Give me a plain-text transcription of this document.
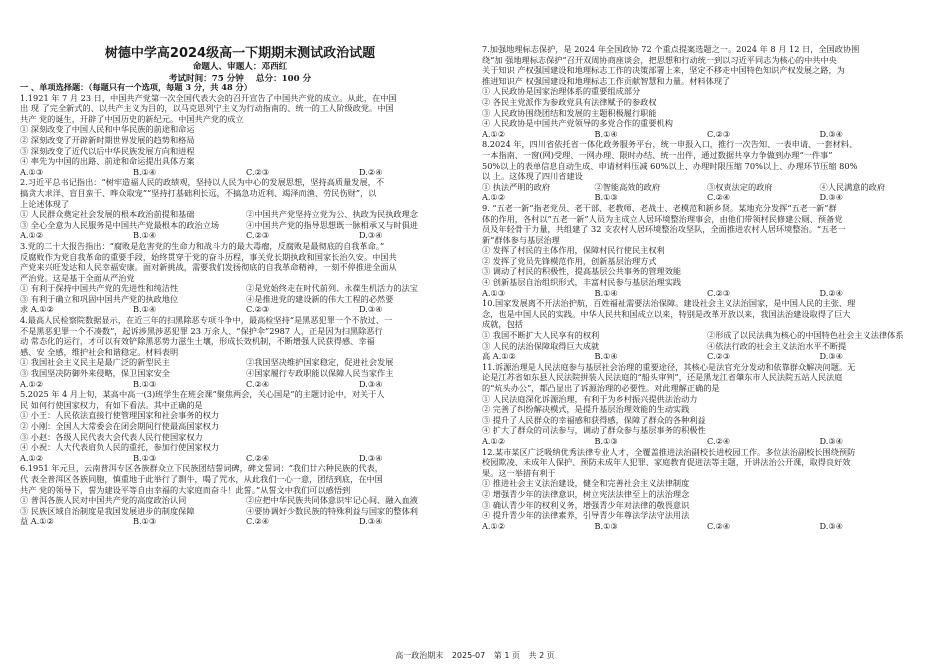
树德中学高2024级高一下期期末测试政治试题
命题人、审题人：邓西红
考试时间：75 分钟 总分：100 分

一 、单项选择题：（每题只有一个选项，每题 3 分，共 48 分）

1.1921 年 7 月 23 日，中国共产党第一次全国代表大会的召开宣告了中国共产党的成立。从此，在中国
出 现 了完全新式的、以共产主义为目的，以马克思列宁主义为行动指南的、统一的工人阶级政党。中国
共产 党的诞生，开辟了中国历史的新纪元。中国共产党的成立
① 深刻改变了中国人民和中华民族的前途和命运
② 深刻改变了开辟新时期世界发展的趋势和格局
③ 深刻改变了近代以后中华民族发展方向和进程
④ 率先为中国的出路、前途和命运提出具体方案
A.①③	B.①④	C.②③	D.②④
2.习近平总书记指出：“树牢造福人民的政绩观，坚持以人民为中心的发展思想，坚持高质量发展，不
搞贪大求洋、盲目蛮干、哗众取宠”“坚持打基础利长远，不搞急功近利、竭泽而渔、劳民伤财”，以
上论述体现了
① 人民群众奠定社会发展的根本政治前提和基础	②中国共产党坚持立党为公、执政为民执政理念
③ 全心全意为人民服务是中国共产党最根本的政治立场	④中国共产党的指导思想既一脉相承又与时俱进
A.①②	B.①④	C.②③	D.③④
3.党的二十大报告指出：“腐败是危害党的生命力和战斗力的最大毒瘤，反腐败是最彻底的自我革命。”
反腐败作为党自我革命的重要手段，始终贯穿于党的奋斗历程，事关党长期执政和国家长治久安。中国共
产党来兴旺发达和人民幸福安康。面对新挑战，需要我们发扬彻底的自我革命精神，一刻不停推进全面从
严治党。这是基于全面从严治党
① 有利于保持中国共产党的先进性和纯洁性	②是党始终走在时代前列、永葆生机活力的法宝
③ 有利于确立和巩固中国共产党的执政地位	④是推进党的建设新的伟大工程的必然要
求 A.①②	B.①④	C.②③	D.③④
4.最高人民检察院数据显示，在近三年的扫黑除恶专项斗争中，最高检坚持“是黑恶犯罪一个不放过、一
不是黑恶犯罪一个不凑数”，起诉涉黑涉恶犯罪 23 万余人、“保护伞”2987 人，正是因为扫黑除恶行
动 常态化的运行，才可以有效铲除黑恶势力滋生土壤，形成长效机制，不断增强人民获得感、幸福
感、安 全感，维护社会和谐稳定。材料表明
① 我国社会主义民主是最广泛的新型民主	②我国坚决维护国家稳定，促进社会发展
③ 我国坚决防御外来侵略，保卫国家安全	④国家履行专政职能以保障人民当家作主
A.①②	B.①③	C.②④	D.③④
5.2025 年 4 月上旬，某高中高一(3)班学生在班会课“聚焦两会，关心国是”的主题讨论中，对关于人
民 如何行使国家权力，有如下看法。其中正确的是
① 小王：人民依法直接行使管理国家和社会事务的权力
② 小刚：全国人大常委会在闭会期间行使最高国家权力
③ 小赵：各级人民代表大会代表人民行使国家权力
④ 小祝：人大代表肩负人民的重托，参加行使国家权力
A.①②	B.①③	C.②④	D.③④
6.1951 年元旦，云南普洱专区各族群众立下民族团结誓词碑，碑文誓词：“我们廿六种民族的代表，
代 表全普洱区各族同胞，慎重地于此举行了剽牛，喝了咒水，从此我们一心一意，团结到底，在中国
共产 党的领导下，誓为建设平等自由幸福的大家庭而奋斗！此誓。”从誓文中我们可以感悟到
① 普洱各族人民对中国共产党的高度政治认同	②应把中华民族共同体意识牢记心间、融入血液
③ 民族区域自治制度是我国发展进步的制度保障	④要协调好少数民族的特殊利益与国家的整体利
益 A.①②	B.①③	C.②④	D.③④
7.加强地理标志保护，是 2024 年全国政协 72 个重点提案选题之一。2024 年 8 月 12 日，全国政协围
绕“加 强地理标志保护”召开双周协商座谈会，把思想和行动统一到以习近平同志为核心的中共中央
关于知识 产权强国建设和地理标志工作的决策部署上来，坚定不移走中国特色知识产权发展之路，为
推进知识产 权强国建设和地理标志工作贡献智慧和力量。材料体现了
① 人民政协是国家治理体系的重要组成部分
② 各民主党派作为参政党具有法律赋予的参政权
③ 人民政协围绕团结和发展的主题积极履行职能
④ 人民政协是中国共产党领导的多党合作的重要机构
A.①②	B.①④	C.②③	D.③④
8.2024 年，四川省依托省一体化政务服务平台，统一申报入口，推行一次告知、一表申请、一套材料、
一本指南、一窗(网)受理、一网办理、限时办结、统一出件，通过数据共享力争做到办理“一件事”
50%以上的表单信息自动生成、申请材料压减 60%以上、办理时限压缩 70%以上、办理环节压缩 80%
以 上。这体现了四川省建设
① 执法严明的政府	②智能高效的政府	③权责法定的政府	④人民满意的政府
A.①②	B.①③	C.②④	D.③④
9. “五老一新”指老党员、老干部、老教师、老战士、老模范和新乡贤。某地充分发挥“五老一新”群
体的作用，各村以“五老一新”人员为主成立人居环境整治理事会，由他们带领村民修建公厕、预备党
员及年轻骨干力量，共组建了 32 支农村人居环境整治攻坚队，全面推进农村人居环境整治。“五老一
新”群体参与基层治理
① 发挥了村民的主体作用，保障村民行使民主权利
② 发挥了党员先锋模范作用，创新基层治理方式
③ 调动了村民的积极性，提高基层公共事务的管理效能
④ 创新基层自治组织形式，丰富村民参与基层治理实践
A.①③	B.①④	C.②③	D.②④
10.国家发展离不开法治护航，百姓福祉需要法治保障。建设社会主义法治国家，是中国人民的主张、理
念，也是中国人民的实践。中华人民共和国成立以来，特别是改革开放以来，我国法治建设取得了巨大
成就，包括
① 我国不断扩大人民享有的权利	②形成了以民法典为核心的中国特色社会主义法律体系
③ 人民的法治保障取得巨大成就	④依法行政的社会主义法治水平不断提
高 A.①②	B.①④	C.②③	D.③④
11.诉源治理是人民法庭参与基层社会治理的重要途径，其核心是法官充分发动和依靠群众解决问题。无
论是江苏省如东县人民法院拼装人民法庭的“船头审判”，还是黑龙江省肇东市人民法院五站人民法庭
的“炕头办公”，都凸显出了诉源治理的必要性。对此理解正确的是
① 人民法庭深化诉源治理，有利于为乡村振兴提供法治动力
② 完善了纠纷解决模式，是提升基层治理效能的生动实践
③ 提升了人民群众的幸福感和获得感，保障了群众的各种利益
④ 扩大了群众的司法参与，调动了群众参与基层事务的积极性
A.①②	B.①③	C.②④	D.③④
12.某市某区广泛吸纳优秀法律专业人才，全覆盖推进法治副校长进校园工作。多位法治副校长围绕预防
校园欺凌、未成年人保护、预防未成年人犯罪、家庭教育促进法等主题，开讲法治公开课，取得良好效
果。这一举措有利于
① 推进社会主义法治建设，健全和完善社会主义法律制度
② 增强青少年的法律意识，树立宪法法律至上的法治理念
③ 确认青少年的权利义务，增强青少年对法律的敬畏意识
④ 提升青少年的法律素养，引导青少年尊法学法守法用法
A.①②	B.①③	C.②④	D.③④
高一政治期末 2025-07 第 1 页 共 2 页
